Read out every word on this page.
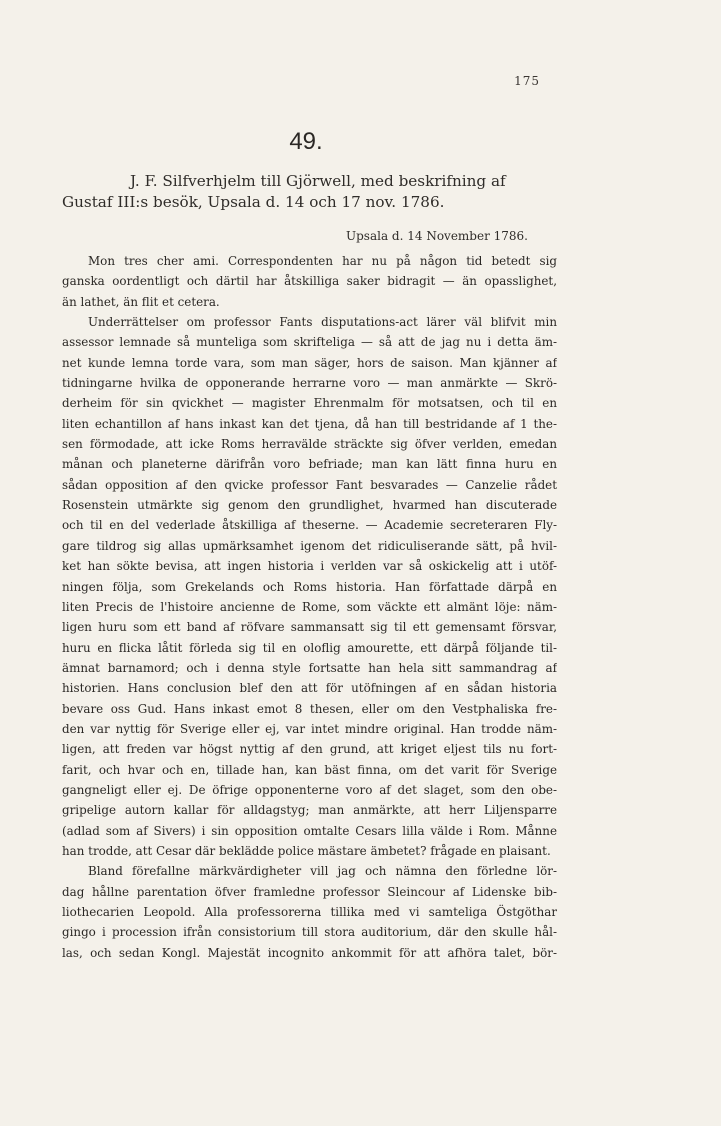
175
49.
J. F. Silfverhjelm till Gjörwell, med beskrifning af
Gustaf III:s besök, Upsala d. 14 och 17 nov. 1786.
Upsala d. 14 November 1786.
Mon tres cher ami. Correspondenten har nu på någon tid betedt sig
ganska oordentligt och därtil har åtskilliga saker bidragit — än opasslighet,
än lathet, än flit et cetera.
Underrättelser om professor Fants disputations-act lärer väl blifvit min
assessor lemnade så munteliga som skrifteliga — så att de jag nu i detta äm-
net kunde lemna torde vara, som man säger, hors de saison. Man kjänner af
tidningarne hvilka de opponerande herrarne voro — man anmärkte — Skrö-
derheim för sin qvickhet — magister Ehrenmalm för motsatsen, och til en
liten echantillon af hans inkast kan det tjena, då han till bestridande af 1 the-
sen förmodade, att icke Roms herravälde sträckte sig öfver verlden, emedan
månan och planeterne därifrån voro befriade; man kan lätt finna huru en
sådan opposition af den qvicke professor Fant besvarades — Canzelie rådet
Rosenstein utmärkte sig genom den grundlighet, hvarmed han discuterade
och til en del vederlade åtskilliga af theserne. — Academie secreteraren Fly-
gare tildrog sig allas upmärksamhet igenom det ridiculiserande sätt, på hvil-
ket han sökte bevisa, att ingen historia i verlden var så oskickelig att i utöf-
ningen följa, som Grekelands och Roms historia. Han författade därpå en
liten Precis de l'histoire ancienne de Rome, som väckte ett almänt löje: näm-
ligen huru som ett band af röfvare sammansatt sig til ett gemensamt försvar,
huru en flicka låtit förleda sig til en oloflig amourette, ett därpå följande til-
ämnat barnamord; och i denna style fortsatte han hela sitt sammandrag af
historien. Hans conclusion blef den att för utöfningen af en sådan historia
bevare oss Gud. Hans inkast emot 8 thesen, eller om den Vestphaliska fre-
den var nyttig för Sverige eller ej, var intet mindre original. Han trodde näm-
ligen, att freden var högst nyttig af den grund, att kriget eljest tils nu fort-
farit, och hvar och en, tillade han, kan bäst finna, om det varit för Sverige
gangneligt eller ej. De öfrige opponenterne voro af det slaget, som den obe-
gripelige autorn kallar för alldagstyg; man anmärkte, att herr Liljensparre
(adlad som af Sivers) i sin opposition omtalte Cesars lilla välde i Rom. Månne
han trodde, att Cesar där beklädde police mästare ämbetet? frågade en plaisant.
Bland förefallne märkvärdigheter vill jag och nämna den förledne lör-
dag hållne parentation öfver framledne professor Sleincour af Lidenske bib-
liothecarien Leopold. Alla professorerna tillika med vi samteliga Östgöthar
gingo i procession ifrån consistorium till stora auditorium, där den skulle hål-
las, och sedan Kongl. Majestät incognito ankommit för att afhöra talet, bör-
